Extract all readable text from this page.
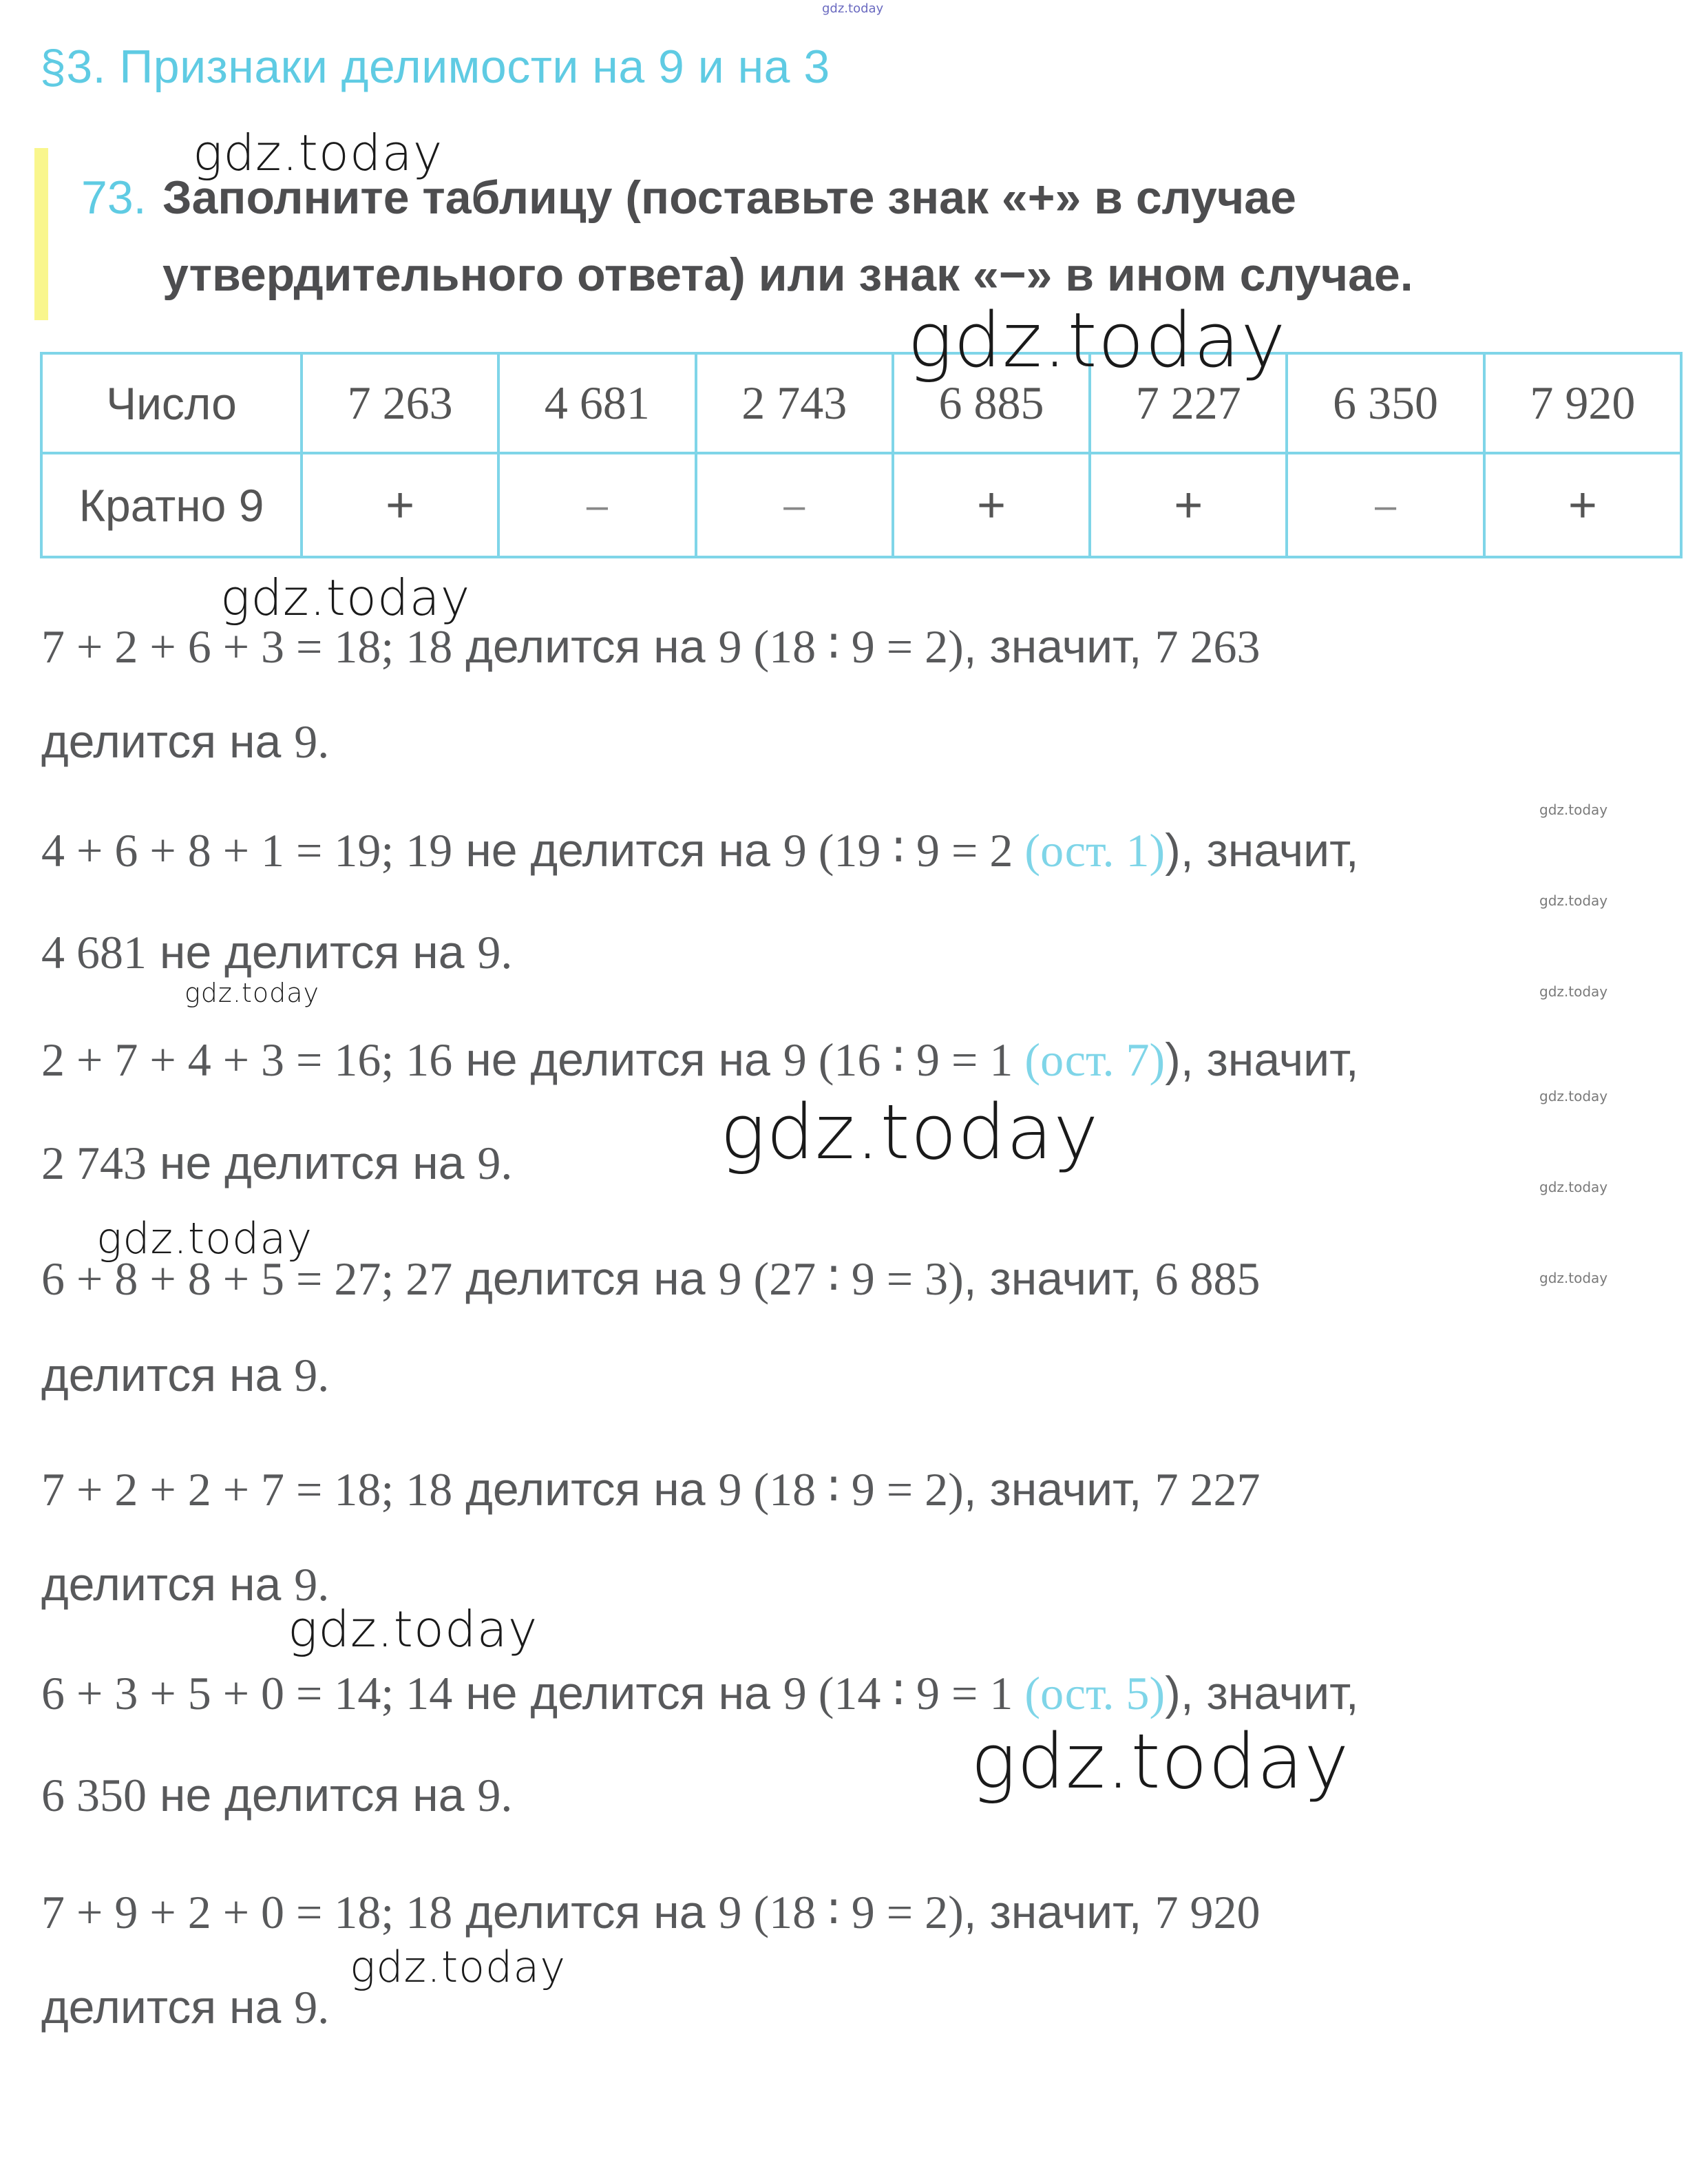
gdz.today
§3. Признаки делимости на 9 и на 3
73. Заполните таблицу (поставьте знак «+» в случае
утвердительного ответа) или знак «−» в ином случае.
Число	7 263	4 681	2 743	6 885	7 227	6 350	7 920
Кратно 9	+	–	–	+	+	–	+
7 + 2 + 6 + 3 = 18; 18 делится на 9 (18 ∶ 9 = 2), значит, 7 263
делится на 9.
4 + 6 + 8 + 1 = 19; 19 не делится на 9 (19 ∶ 9 = 2 (ост. 1)), значит,
4 681 не делится на 9.
2 + 7 + 4 + 3 = 16; 16 не делится на 9 (16 ∶ 9 = 1 (ост. 7)), значит,
2 743 не делится на 9.
6 + 8 + 8 + 5 = 27; 27 делится на 9 (27 ∶ 9 = 3), значит, 6 885
делится на 9.
7 + 2 + 2 + 7 = 18; 18 делится на 9 (18 ∶ 9 = 2), значит, 7 227
делится на 9.
6 + 3 + 5 + 0 = 14; 14 не делится на 9 (14 ∶ 9 = 1 (ост. 5)), значит,
6 350 не делится на 9.
7 + 9 + 2 + 0 = 18; 18 делится на 9 (18 ∶ 9 = 2), значит, 7 920
делится на 9.
gdz.today
gdz.today
gdz.today
gdz.today
gdz.today
gdz.today
gdz.today
gdz.today
gdz.today
gdz.today
gdz.today
gdz.today
gdz.today
gdz.today
gdz.today
